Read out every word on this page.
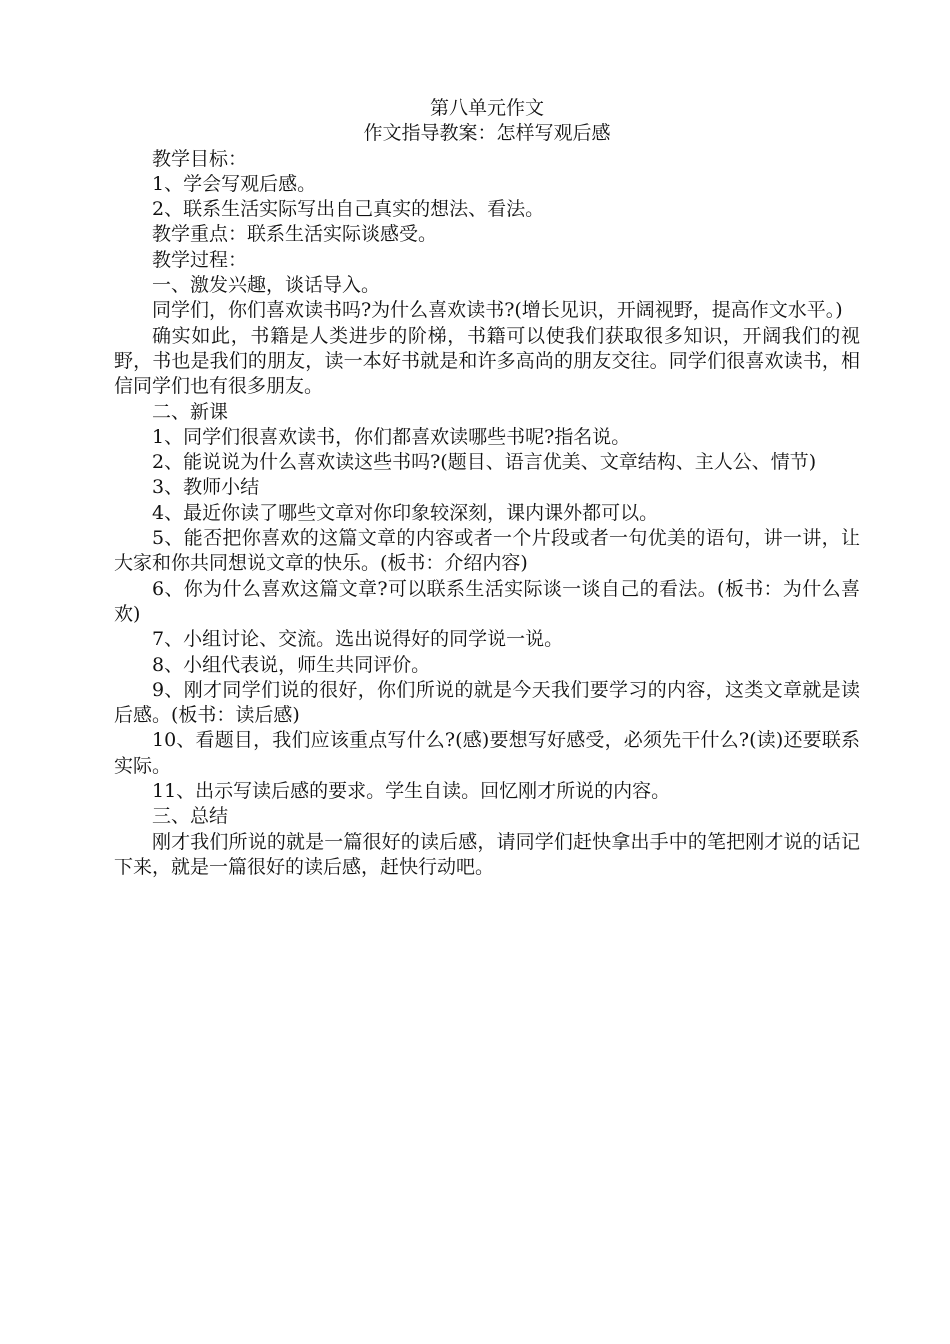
第八单元作文

作文指导教案：怎样写观后感

教学目标：

1、学会写观后感。

2、联系生活实际写出自己真实的想法、看法。

教学重点：联系生活实际谈感受。

教学过程：

一、激发兴趣，谈话导入。

同学们，你们喜欢读书吗?为什么喜欢读书?(增长见识，开阔视野，提高作文水平。)

确实如此，书籍是人类进步的阶梯，书籍可以使我们获取很多知识，开阔我们的视野，书也是我们的朋友，读一本好书就是和许多高尚的朋友交往。同学们很喜欢读书，相信同学们也有很多朋友。

二、新课

1、同学们很喜欢读书，你们都喜欢读哪些书呢?指名说。

2、能说说为什么喜欢读这些书吗?(题目、语言优美、文章结构、主人公、情节)

3、教师小结

4、最近你读了哪些文章对你印象较深刻，课内课外都可以。

5、能否把你喜欢的这篇文章的内容或者一个片段或者一句优美的语句，讲一讲，让大家和你共同想说文章的快乐。(板书：介绍内容)

6、你为什么喜欢这篇文章?可以联系生活实际谈一谈自己的看法。(板书：为什么喜欢)

7、小组讨论、交流。选出说得好的同学说一说。

8、小组代表说，师生共同评价。

9、刚才同学们说的很好，你们所说的就是今天我们要学习的内容，这类文章就是读后感。(板书：读后感)

10、看题目，我们应该重点写什么?(感)要想写好感受，必须先干什么?(读)还要联系实际。

11、出示写读后感的要求。学生自读。回忆刚才所说的内容。

三、总结

刚才我们所说的就是一篇很好的读后感，请同学们赶快拿出手中的笔把刚才说的话记下来，就是一篇很好的读后感，赶快行动吧。
